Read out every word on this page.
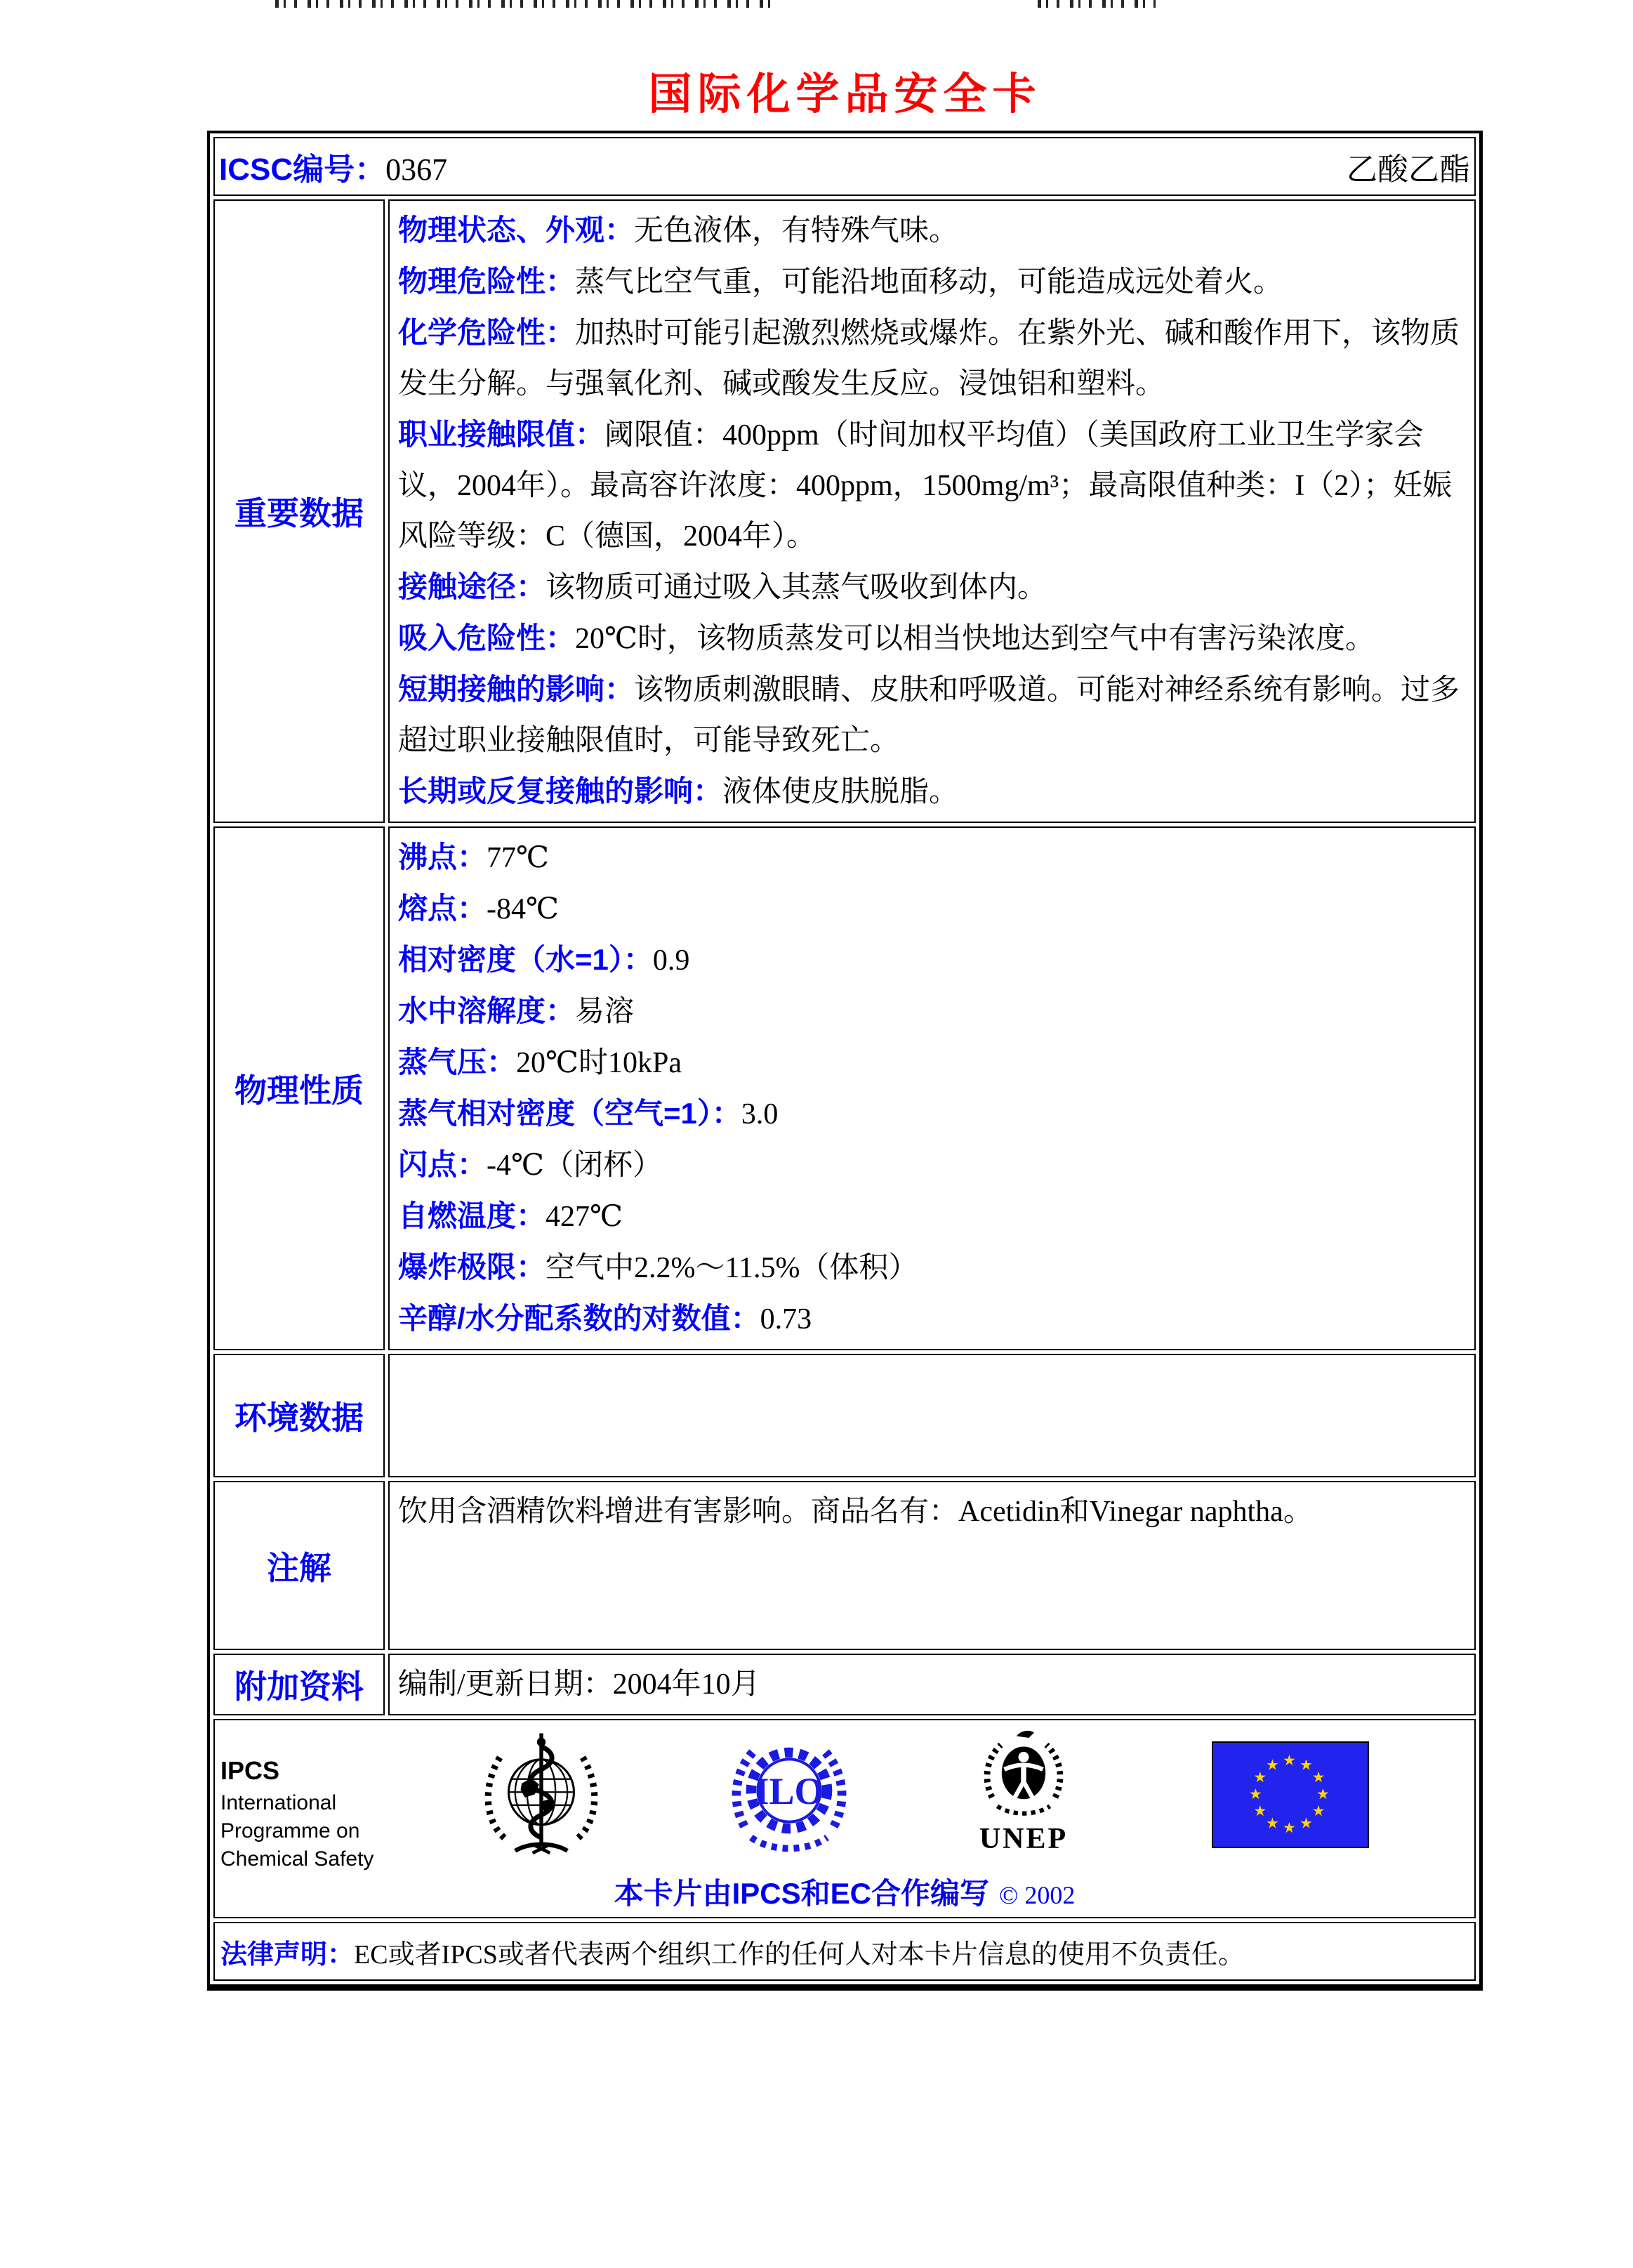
国际化学品安全卡
ICSC编号：0367 乙酸乙酯	

重要数据	
物理状态、外观：无色液体，有特殊气味。
物理危险性：蒸气比空气重，可能沿地面移动，可能造成远处着火。
化学危险性：加热时可能引起激烈燃烧或爆炸。在紫外光、碱和酸作用下，该物质发生分解。与强氧化剂、碱或酸发生反应。浸蚀铝和塑料。
职业接触限值：阈限值：400ppm（时间加权平均值）（美国政府工业卫生学家会议，2004年）。最高容许浓度：400ppm，1500mg/m³；最高限值种类：I（2）；妊娠风险等级：C（德国，2004年）。
接触途径：该物质可通过吸入其蒸气吸收到体内。
吸入危险性：20℃时，该物质蒸发可以相当快地达到空气中有害污染浓度。
短期接触的影响：该物质刺激眼睛、皮肤和呼吸道。可能对神经系统有影响。过多超过职业接触限值时，可能导致死亡。
长期或反复接触的影响：液体使皮肤脱脂。

物理性质	
沸点：77℃
熔点：-84℃
相对密度（水=1）：0.9
水中溶解度：易溶
蒸气压：20℃时10kPa
蒸气相对密度（空气=1）：3.0
闪点：-4℃（闭杯）
自燃温度：427℃
爆炸极限：空气中2.2%～11.5%（体积）
辛醇/水分配系数的对数值：0.73

环境数据	
注解	饮用含酒精饮料增进有害影响。商品名有：Acetidin和Vinegar naphtha。
附加资料	编制/更新日期：2004年10月

IPCS
International
Programme on
Chemical Safety
ILO
UNEP
本卡片由IPCS和EC合作编写 © 2002

法律声明：EC或者IPCS或者代表两个组织工作的任何人对本卡片信息的使用不负责任。	
